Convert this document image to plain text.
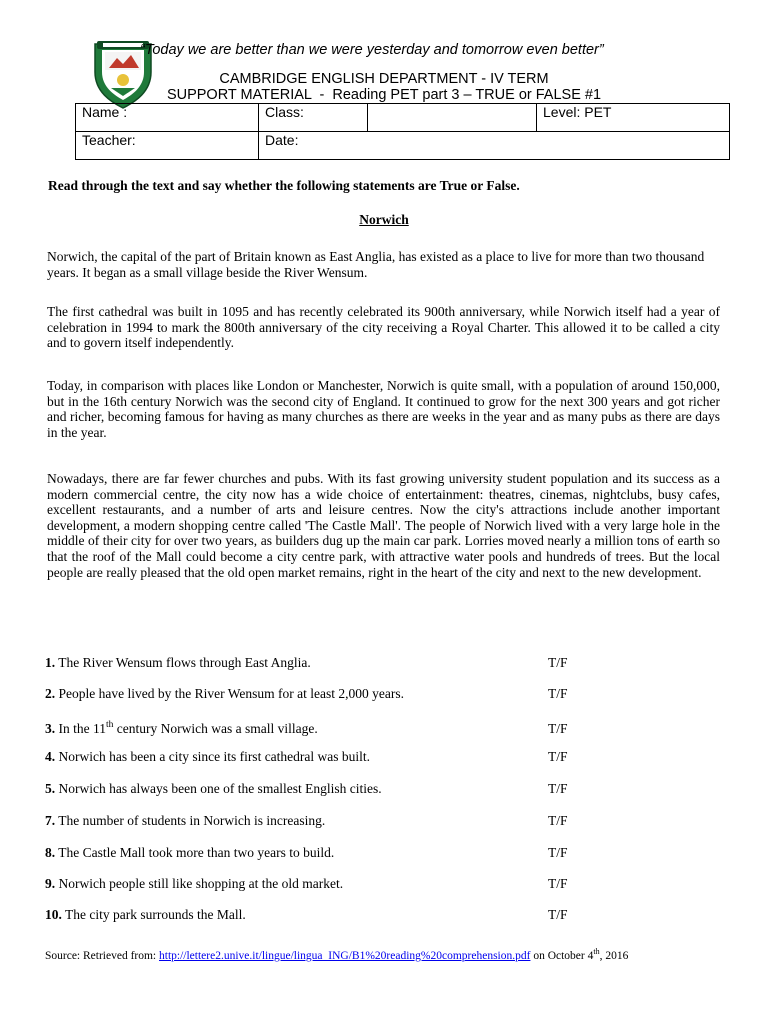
“Today we are better than we were yesterday and tomorrow even better”
CAMBRIDGE ENGLISH DEPARTMENT - IV TERM
SUPPORT MATERIAL  -  Reading PET part 3 – TRUE or FALSE #1
Name :	Class:		Level: PET
Teacher:	Date:		
Read through the text and say whether the following statements are True or False.
Norwich

Norwich, the capital of the part of Britain known as East Anglia, has existed as a place to live for more than two thousand years. It began as a small village beside the River Wensum.

The first cathedral was built in 1095 and has recently celebrated its 900th anniversary, while Norwich itself had a year of celebration in 1994 to mark the 800th anniversary of the city receiving a Royal Charter. This allowed it to be called a city and to govern itself independently.

Today, in comparison with places like London or Manchester, Norwich is quite small, with a population of around 150,000, but in the 16th century Norwich was the second city of England. It continued to grow for the next 300 years and got richer and richer, becoming famous for having as many churches as there are weeks in the year and as many pubs as there are days in the year.

Nowadays, there are far fewer churches and pubs. With its fast growing university student population and its success as a modern commercial centre, the city now has a wide choice of entertainment: theatres, cinemas, nightclubs, busy cafes, excellent restaurants, and a number of arts and leisure centres. Now the city's attractions include another important development, a modern shopping centre called 'The Castle Mall'. The people of Norwich lived with a very large hole in the middle of their city for over two years, as builders dug up the main car park. Lorries moved nearly a million tons of earth so that the roof of the Mall could become a city centre park, with attractive water pools and hundreds of trees. But the local people are really pleased that the old open market remains, right in the heart of the city and next to the new development.

1. The River Wensum flows through East Anglia.	T/F
2. People have lived by the River Wensum for at least 2,000 years.	T/F
3. In the 11th century Norwich was a small village.	T/F
4. Norwich has been a city since its first cathedral was built.	T/F
5. Norwich has always been one of the smallest English cities.	T/F
7. The number of students in Norwich is increasing.	T/F
8. The Castle Mall took more than two years to build.	T/F
9. Norwich people still like shopping at the old market.	T/F
10. The city park surrounds the Mall.	T/F
Source: Retrieved from: http://lettere2.unive.it/lingue/lingua_ING/B1%20reading%20comprehension.pdf on October 4th, 2016
